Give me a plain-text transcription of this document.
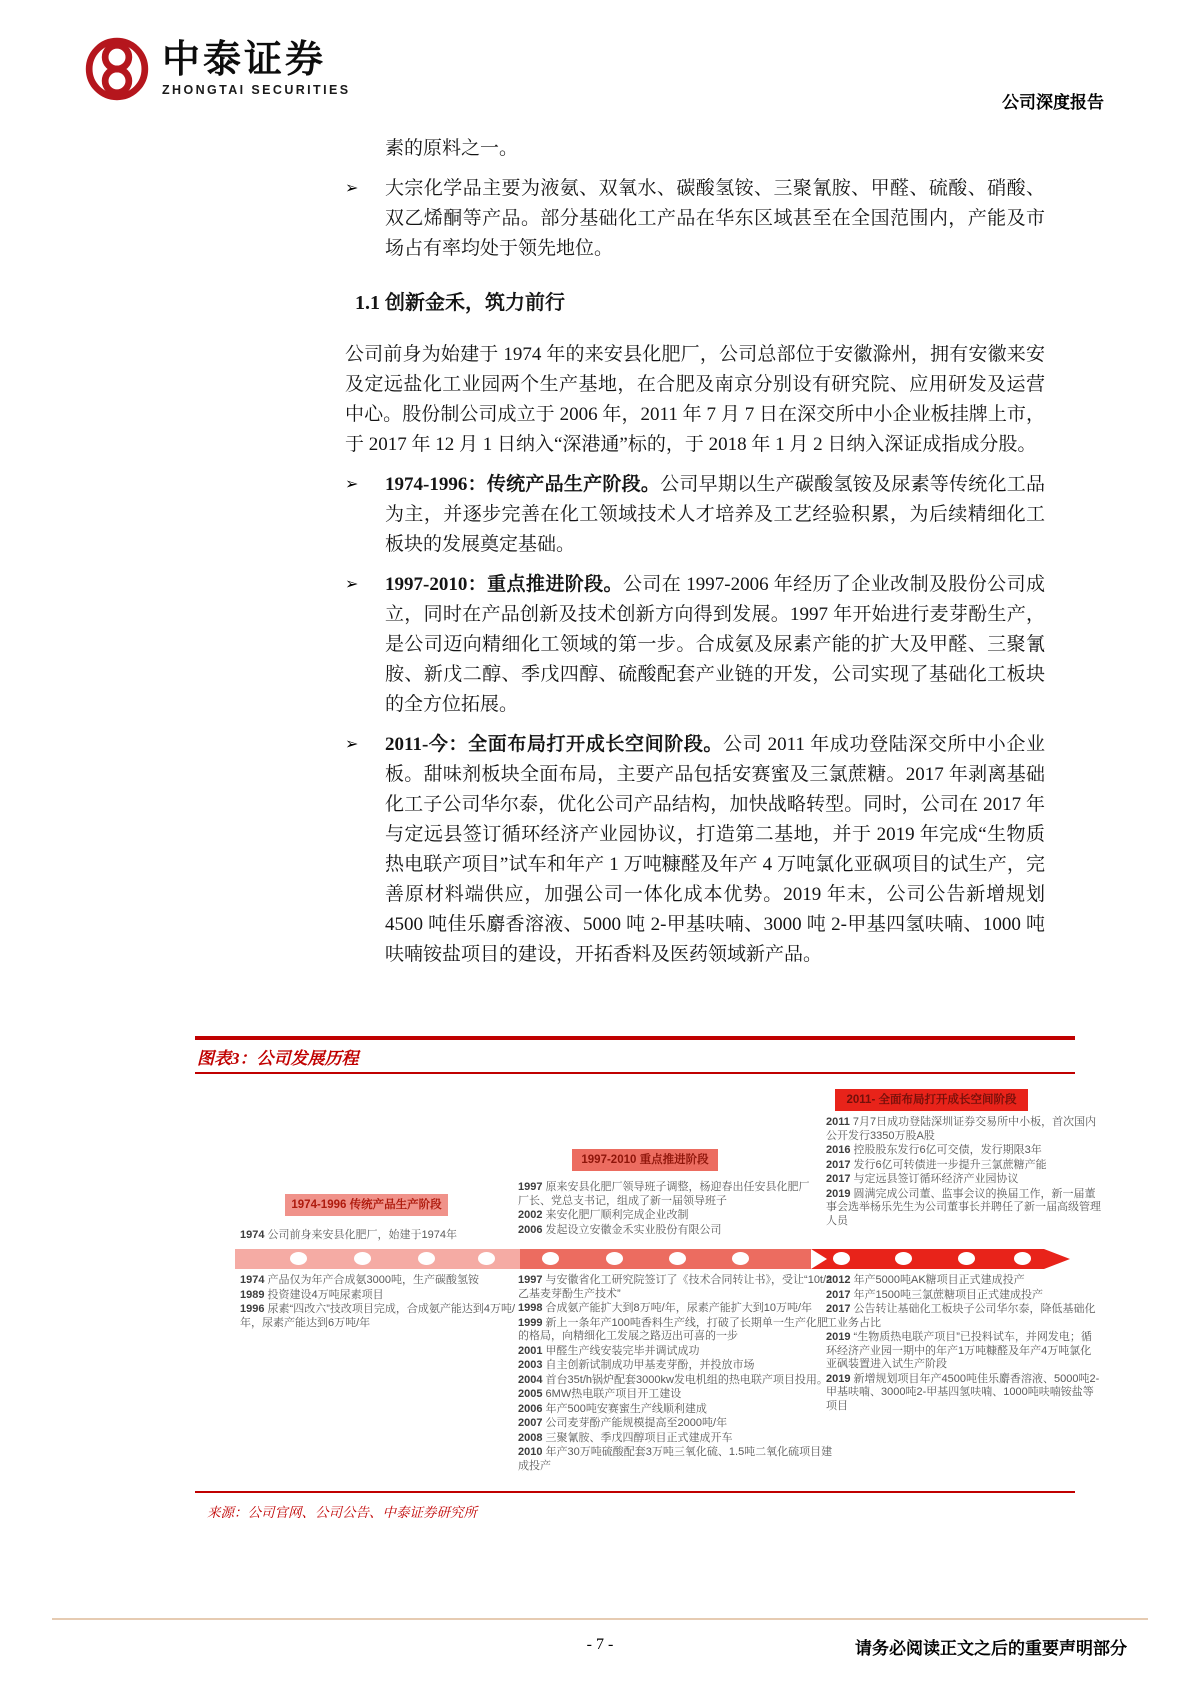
中泰证券
ZHONGTAI SECURITIES
公司深度报告
素的原料之一。
➢	大宗化学品主要为液氨、双氧水、碳酸氢铵、三聚氰胺、甲醛、硫酸、硝酸、双乙烯酮等产品。部分基础化工产品在华东区域甚至在全国范围内，产能及市场占有率均处于领先地位。
1.1 创新金禾，筑力前行
公司前身为始建于 1974 年的来安县化肥厂，公司总部位于安徽滁州，拥有安徽来安及定远盐化工业园两个生产基地，在合肥及南京分别设有研究院、应用研发及运营中心。股份制公司成立于 2006 年，2011 年 7 月 7 日在深交所中小企业板挂牌上市，于 2017 年 12 月 1 日纳入“深港通”标的，于 2018 年 1 月 2 日纳入深证成指成分股。
➢	1974-1996：传统产品生产阶段。公司早期以生产碳酸氢铵及尿素等传统化工品为主，并逐步完善在化工领域技术人才培养及工艺经验积累，为后续精细化工板块的发展奠定基础。
➢	1997-2010：重点推进阶段。公司在 1997-2006 年经历了企业改制及股份公司成立，同时在产品创新及技术创新方向得到发展。1997 年开始进行麦芽酚生产，是公司迈向精细化工领域的第一步。合成氨及尿素产能的扩大及甲醛、三聚氰胺、新戊二醇、季戊四醇、硫酸配套产业链的开发，公司实现了基础化工板块的全方位拓展。
➢	2011-今：全面布局打开成长空间阶段。公司 2011 年成功登陆深交所中小企业板。甜味剂板块全面布局，主要产品包括安赛蜜及三氯蔗糖。2017 年剥离基础化工子公司华尔泰，优化公司产品结构，加快战略转型。同时，公司在 2017 年与定远县签订循环经济产业园协议，打造第二基地，并于 2019 年完成“生物质热电联产项目”试车和年产 1 万吨糠醛及年产 4 万吨氯化亚砜项目的试生产，完善原材料端供应，加强公司一体化成本优势。2019 年末，公司公告新增规划 4500 吨佳乐麝香溶液、5000 吨 2-甲基呋喃、3000 吨 2-甲基四氢呋喃、1000 吨呋喃铵盐项目的建设，开拓香料及医药领域新产品。
图表3：公司发展历程
1974-1996 传统产品生产阶段
1997-2010 重点推进阶段
2011- 全面布局打开成长空间阶段
1974 公司前身来安县化肥厂，始建于1974年
1997 原来安县化肥厂领导班子调整，杨迎春出任安县化肥厂厂长、党总支书记，组成了新一届领导班子
2002 来安化肥厂顺利完成企业改制
2006 发起设立安徽金禾实业股份有限公司
2011 7月7日成功登陆深圳证券交易所中小板，首次国内公开发行3350万股A股
2016 控股股东发行6亿可交债，发行期限3年
2017 发行6亿可转债进一步提升三氯蔗糖产能
2017 与定远县签订循环经济产业园协议
2019 圆满完成公司董、监事会议的换届工作，新一届董事会选举杨乐先生为公司董事长并聘任了新一届高级管理人员
1974 产品仅为年产合成氨3000吨，生产碳酸氢铵
1989 投资建设4万吨尿素项目
1996 尿素“四改六”技改项目完成，合成氨产能达到4万吨/年，尿素产能达到6万吨/年
1997 与安徽省化工研究院签订了《技术合同转让书》，受让“10t/a乙基麦芽酚生产技术”
1998 合成氨产能扩大到8万吨/年，尿素产能扩大到10万吨/年
1999 新上一条年产100吨香料生产线，打破了长期单一生产化肥的格局，向精细化工发展之路迈出可喜的一步
2001 甲醛生产线安装完毕并调试成功
2003 自主创新试制成功甲基麦芽酚，并投放市场
2004 首台35t/h锅炉配套3000kw发电机组的热电联产项目投用。
2005 6MW热电联产项目开工建设
2006 年产500吨安赛蜜生产线顺利建成
2007 公司麦芽酚产能规模提高至2000吨/年
2008 三聚氰胺、季戊四醇项目正式建成开车
2010 年产30万吨硫酸配套3万吨三氧化硫、1.5吨二氧化硫项目建成投产
2012 年产5000吨AK糖项目正式建成投产
2017 年产1500吨三氯蔗糖项目正式建成投产
2017 公告转让基础化工板块子公司华尔泰，降低基础化工业务占比
2019 “生物质热电联产项目”已投料试车，并网发电；循环经济产业园一期中的年产1万吨糠醛及年产4万吨氯化亚砜装置进入试生产阶段
2019 新增规划项目年产4500吨佳乐麝香溶液、5000吨2-甲基呋喃、3000吨2-甲基四氢呋喃、1000吨呋喃铵盐等项目
来源：公司官网、公司公告、中泰证券研究所
- 7 -	请务必阅读正文之后的重要声明部分
